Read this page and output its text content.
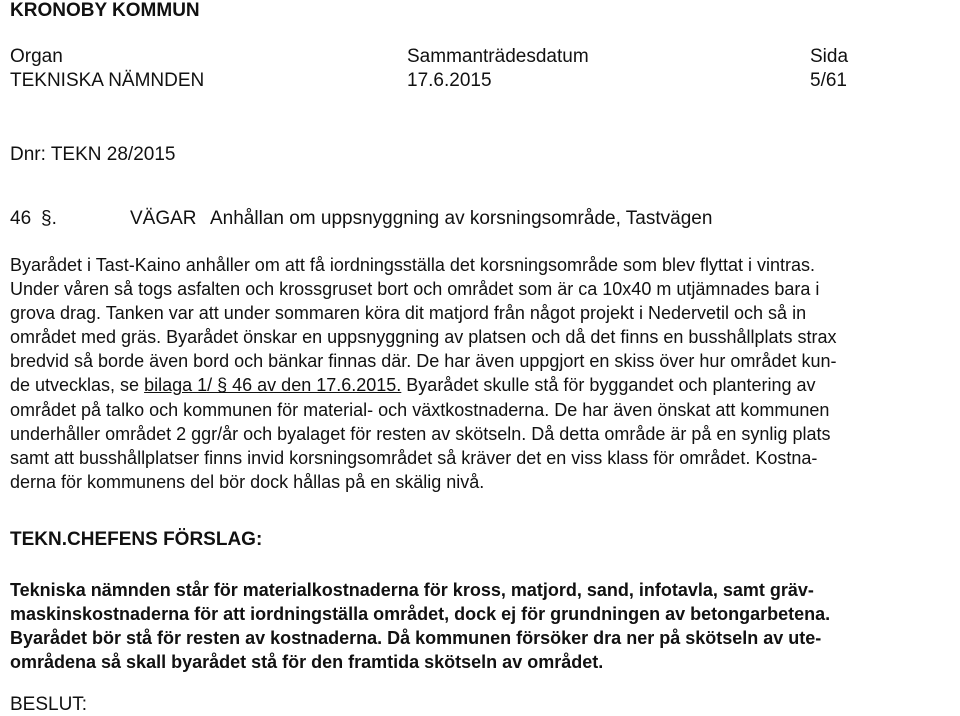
KRONOBY KOMMUN
Organ
TEKNISKA NÄMNDEN
Sammanträdesdatum
17.6.2015
Sida
5/61
Dnr: TEKN 28/2015
46 §.	VÄGAR Anhållan om uppsnyggning av korsningsområde, Tastvägen
Byarådet i Tast-Kaino anhåller om att få iordningsställa det korsningsområde som blev flyttat i vintras.
Under våren så togs asfalten och krossgruset bort och området som är ca 10x40 m utjämnades bara i
grova drag. Tanken var att under sommaren köra dit matjord från något projekt i Nedervetil och så in
området med gräs. Byarådet önskar en uppsnyggning av platsen och då det finns en busshållplats strax
bredvid så borde även bord och bänkar finnas där. De har även uppgjort en skiss över hur området kun-
de utvecklas, se bilaga 1/ § 46 av den 17.6.2015. Byarådet skulle stå för byggandet och plantering av
området på talko och kommunen för material- och växtkostnaderna. De har även önskat att kommunen
underhåller området 2 ggr/år och byalaget för resten av skötseln. Då detta område är på en synlig plats
samt att busshållplatser finns invid korsningsområdet så kräver det en viss klass för området. Kostna-
derna för kommunens del bör dock hållas på en skälig nivå.
TEKN.CHEFENS FÖRSLAG:
Tekniska nämnden står för materialkostnaderna för kross, matjord, sand, infotavla, samt gräv-
maskinskostnaderna för att iordningställa området, dock ej för grundningen av betongarbetena.
Byarådet bör stå för resten av kostnaderna. Då kommunen försöker dra ner på skötseln av ute-
områdena så skall byarådet stå för den framtida skötseln av området.
BESLUT:
